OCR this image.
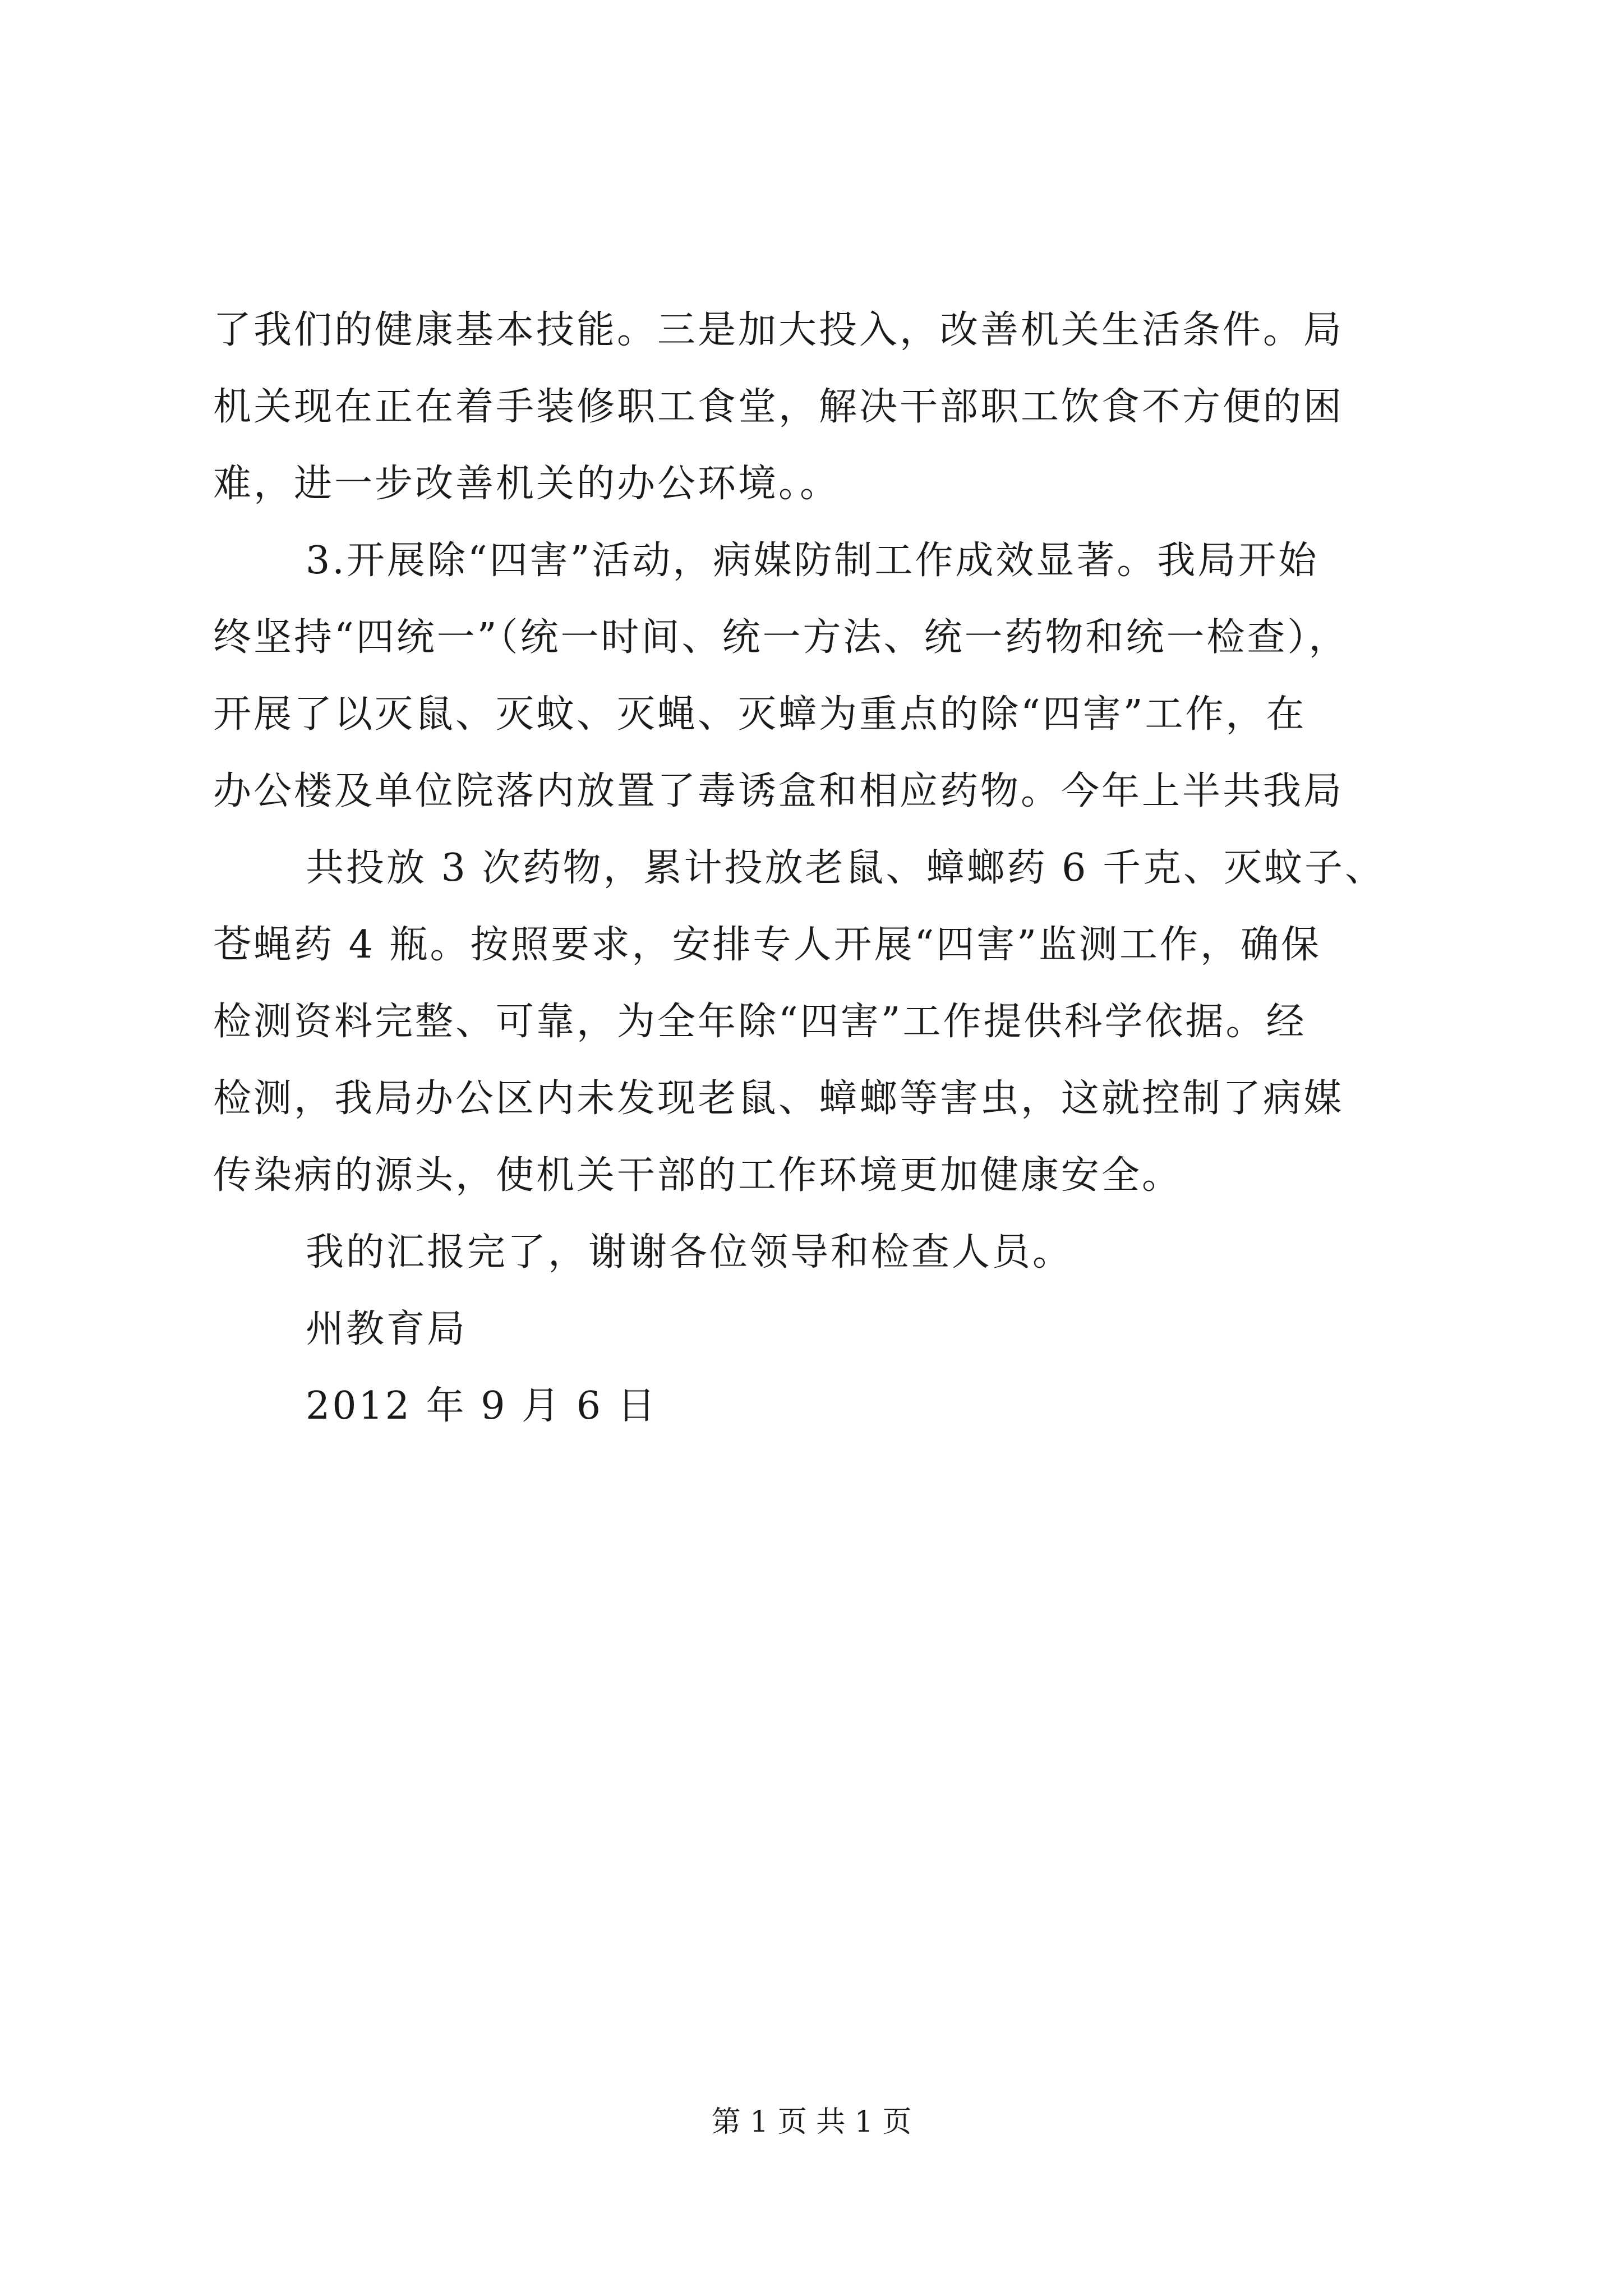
了我们的健康基本技能。三是加大投入，改善机关生活条件。局
机关现在正在着手装修职工食堂，解决干部职工饮食不方便的困
难，进一步改善机关的办公环境。。
3.开展除“四害”活动，病媒防制工作成效显著。我局开始
终坚持“四统一”（统一时间、统一方法、统一药物和统一检查），
开展了以灭鼠、灭蚊、灭蝇、灭蟑为重点的除“四害”工作，在
办公楼及单位院落内放置了毒诱盒和相应药物。今年上半共我局
共投放 3 次药物，累计投放老鼠、蟑螂药 6 千克、灭蚊子、
苍蝇药 4 瓶。按照要求，安排专人开展“四害”监测工作，确保
检测资料完整、可靠，为全年除“四害”工作提供科学依据。经
检测，我局办公区内未发现老鼠、蟑螂等害虫，这就控制了病媒
传染病的源头，使机关干部的工作环境更加健康安全。
我的汇报完了，谢谢各位领导和检查人员。
州教育局
2012 年 9 月 6 日
第 1 页 共 1 页
